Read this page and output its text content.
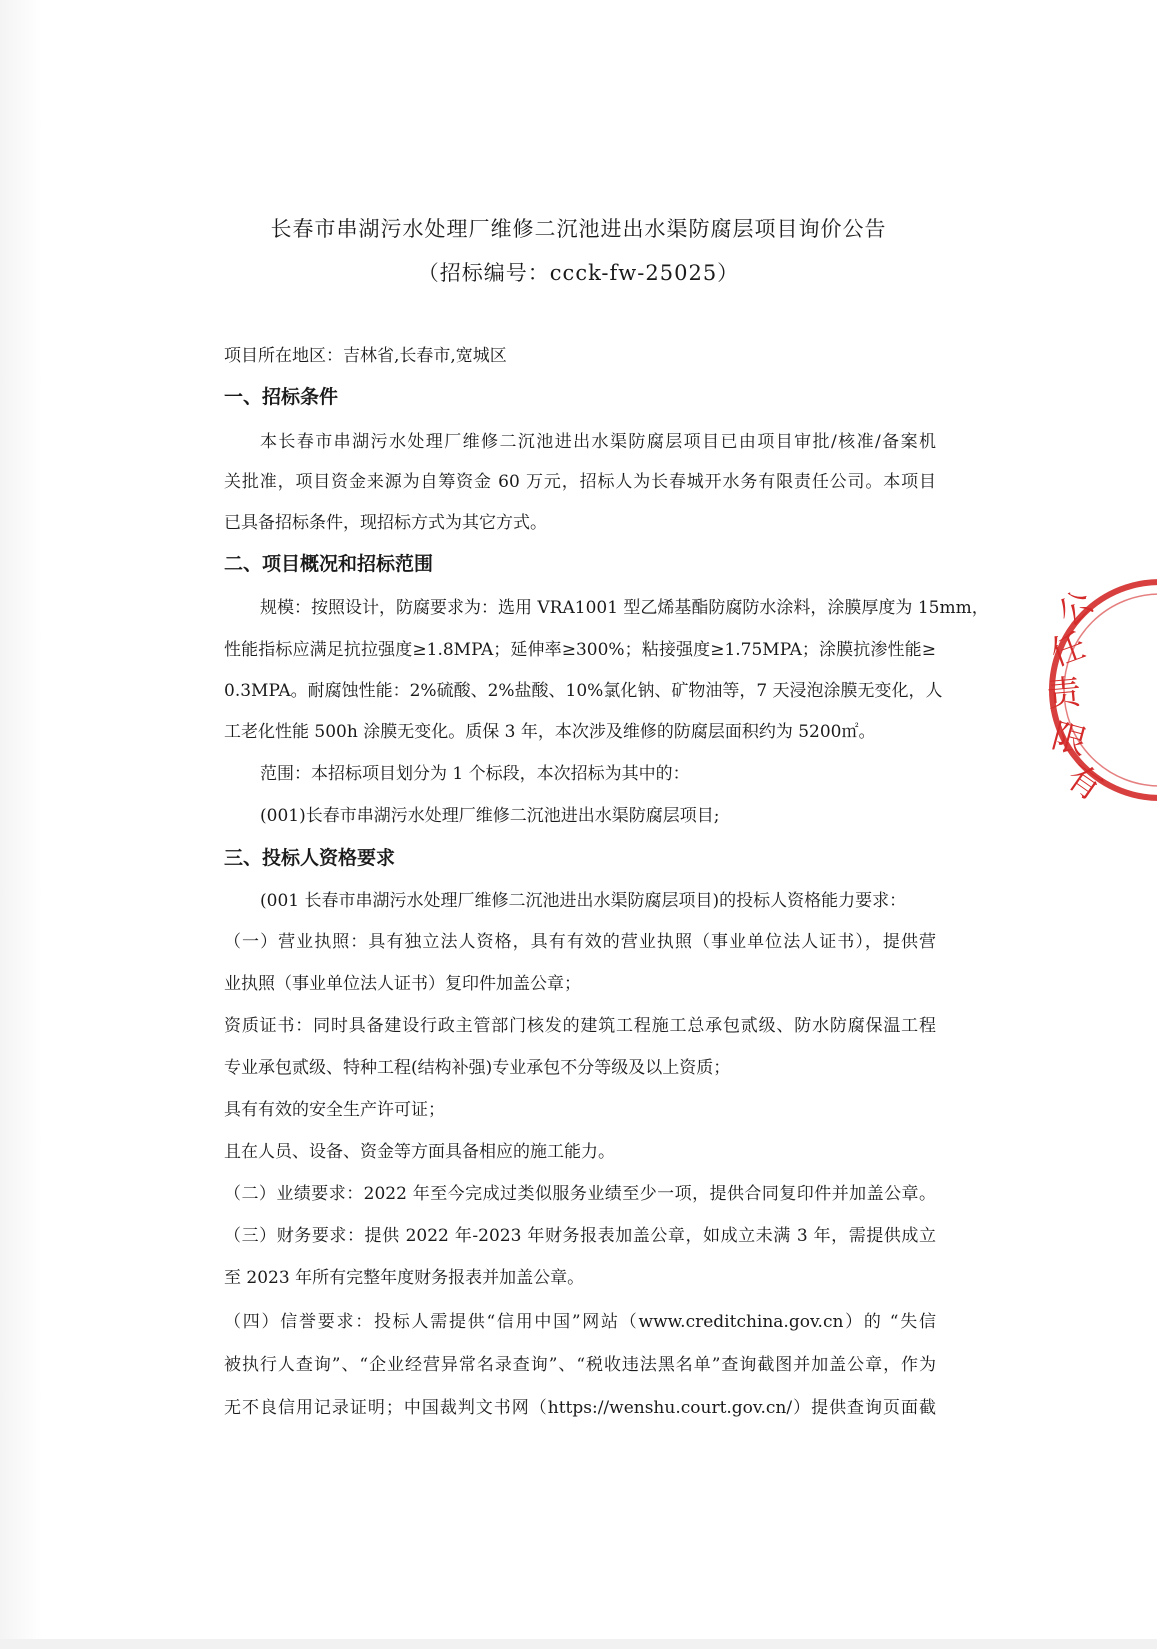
长春市串湖污水处理厂维修二沉池进出水渠防腐层项目询价公告
（招标编号：ccck-fw-25025）

项目所在地区：吉林省,长春市,宽城区

一、招标条件

本长春市串湖污水处理厂维修二沉池进出水渠防腐层项目已由项目审批/核准/备案机

关批准，项目资金来源为自筹资金 60 万元，招标人为长春城开水务有限责任公司。本项目

已具备招标条件，现招标方式为其它方式。

二、项目概况和招标范围

规模：按照设计，防腐要求为：选用 VRA1001 型乙烯基酯防腐防水涂料，涂膜厚度为 15mm，

性能指标应满足抗拉强度≥1.8MPA；延伸率≥300%；粘接强度≥1.75MPA；涂膜抗渗性能≥

0.3MPA。耐腐蚀性能：2%硫酸、2%盐酸、10%氯化钠、矿物油等，7 天浸泡涂膜无变化，人

工老化性能 500h 涂膜无变化。质保 3 年，本次涉及维修的防腐层面积约为 5200㎡。

范围：本招标项目划分为 1 个标段，本次招标为其中的：

(001)长春市串湖污水处理厂维修二沉池进出水渠防腐层项目;

三、投标人资格要求

(001 长春市串湖污水处理厂维修二沉池进出水渠防腐层项目)的投标人资格能力要求：

（一）营业执照：具有独立法人资格，具有有效的营业执照（事业单位法人证书），提供营

业执照（事业单位法人证书）复印件加盖公章；

资质证书：同时具备建设行政主管部门核发的建筑工程施工总承包贰级、防水防腐保温工程

专业承包贰级、特种工程(结构补强)专业承包不分等级及以上资质；

具有有效的安全生产许可证；

且在人员、设备、资金等方面具备相应的施工能力。

（二）业绩要求：2022 年至今完成过类似服务业绩至少一项，提供合同复印件并加盖公章。

（三）财务要求：提供 2022 年-2023 年财务报表加盖公章，如成立未满 3 年，需提供成立

至 2023 年所有完整年度财务报表并加盖公章。

（四）信誉要求：投标人需提供“信用中国”网站（www.creditchina.gov.cn）的 “失信

被执行人查询”、“企业经营异常名录查询”、“税收违法黑名单”查询截图并加盖公章，作为

无不良信用记录证明；中国裁判文书网（https://wenshu.court.gov.cn/）提供查询页面截

公
任
责
限
有
